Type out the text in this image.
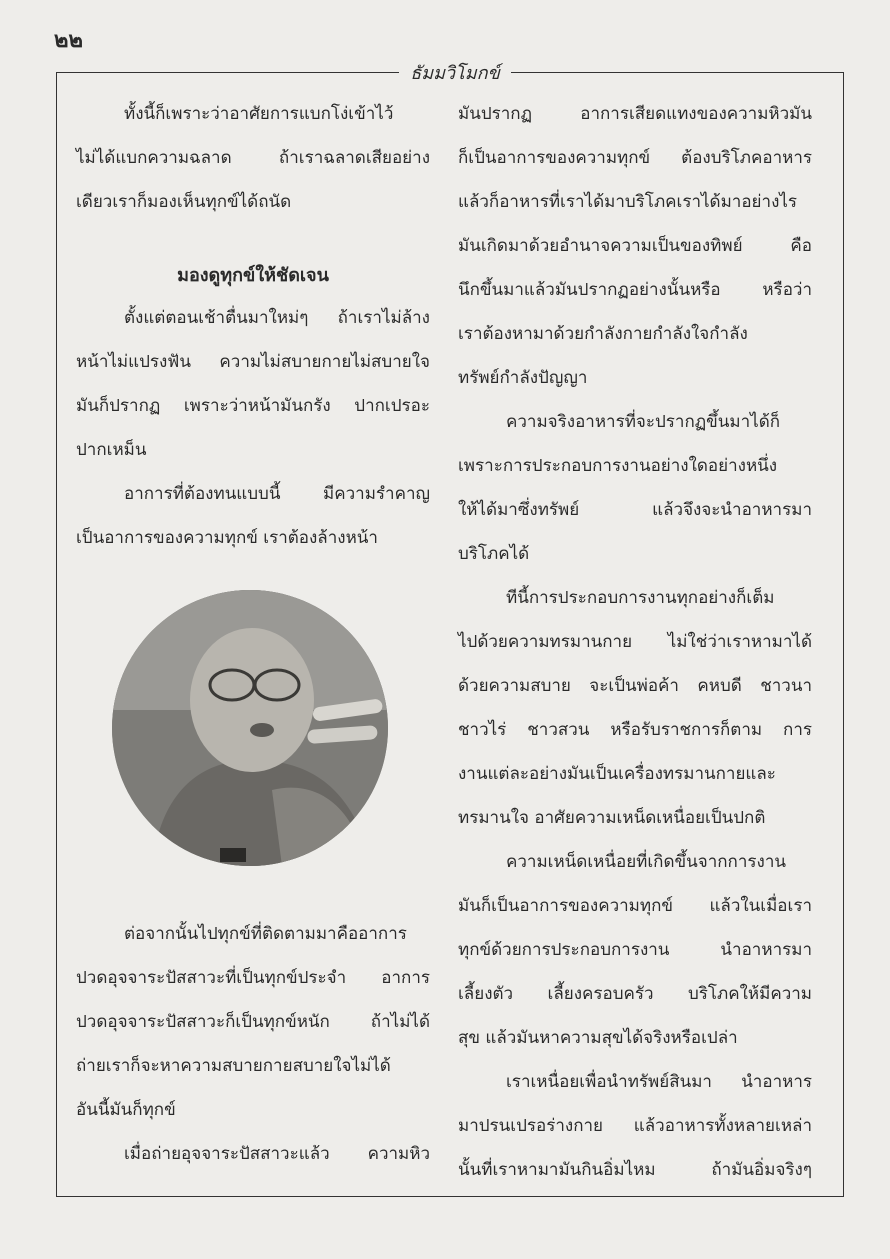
๒๒
ธัมมวิโมกข์

ทั้งนี้ก็เพราะว่าอาศัยการแบกโง่เข้าไว้

ไม่ได้แบกความฉลาด ถ้าเราฉลาดเสียอย่าง

เดียวเราก็มองเห็นทุกข์ได้ถนัด

มองดูทุกข์ให้ชัดเจน

ตั้งแต่ตอนเช้าตื่นมาใหม่ๆ ถ้าเราไม่ล้าง

หน้าไม่แปรงฟัน ความไม่สบายกายไม่สบายใจ

มันก็ปรากฏ เพราะว่าหน้ามันกรัง ปากเปรอะ

ปากเหม็น

อาการที่ต้องทนแบบนี้ มีความรำคาญ

เป็นอาการของความทุกข์ เราต้องล้างหน้า

ต่อจากนั้นไปทุกข์ที่ติดตามมาคืออาการ

ปวดอุจจาระปัสสาวะที่เป็นทุกข์ประจำ อาการ

ปวดอุจจาระปัสสาวะก็เป็นทุกข์หนัก ถ้าไม่ได้

ถ่ายเราก็จะหาความสบายกายสบายใจไม่ได้

อันนี้มันก็ทุกข์

เมื่อถ่ายอุจจาระปัสสาวะแล้ว ความหิว

มันปรากฏ อาการเสียดแทงของความหิวมัน

ก็เป็นอาการของความทุกข์ ต้องบริโภคอาหาร

แล้วก็อาหารที่เราได้มาบริโภคเราได้มาอย่างไร

มันเกิดมาด้วยอำนาจความเป็นของทิพย์ คือ

นึกขึ้นมาแล้วมันปรากฏอย่างนั้นหรือ หรือว่า

เราต้องหามาด้วยกำลังกายกำลังใจกำลัง

ทรัพย์กำลังปัญญา

ความจริงอาหารที่จะปรากฏขึ้นมาได้ก็

เพราะการประกอบการงานอย่างใดอย่างหนึ่ง

ให้ได้มาซึ่งทรัพย์ แล้วจึงจะนำอาหารมา

บริโภคได้

ทีนี้การประกอบการงานทุกอย่างก็เต็ม

ไปด้วยความทรมานกาย ไม่ใช่ว่าเราหามาได้

ด้วยความสบาย จะเป็นพ่อค้า คหบดี ชาวนา

ชาวไร่ ชาวสวน หรือรับราชการก็ตาม การ

งานแต่ละอย่างมันเป็นเครื่องทรมานกายและ

ทรมานใจ อาศัยความเหน็ดเหนื่อยเป็นปกติ

ความเหน็ดเหนื่อยที่เกิดขึ้นจากการงาน

มันก็เป็นอาการของความทุกข์ แล้วในเมื่อเรา

ทุกข์ด้วยการประกอบการงาน นำอาหารมา

เลี้ยงตัว เลี้ยงครอบครัว บริโภคให้มีความ

สุข แล้วมันหาความสุขได้จริงหรือเปล่า

เราเหนื่อยเพื่อนำทรัพย์สินมา นำอาหาร

มาปรนเปรอร่างกาย แล้วอาหารทั้งหลายเหล่า

นั้นที่เราหามามันกินอิ่มไหม ถ้ามันอิ่มจริงๆ
